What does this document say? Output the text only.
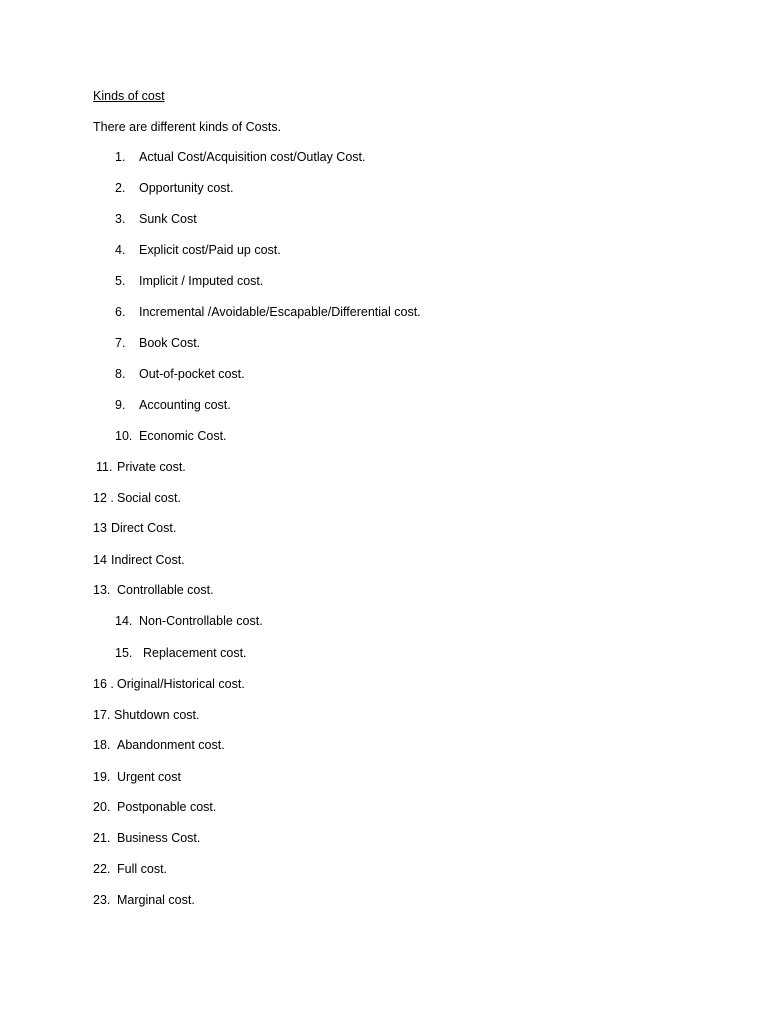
Kinds of cost
There are different kinds of Costs.
1. Actual Cost/Acquisition cost/Outlay Cost.
2. Opportunity cost.
3. Sunk Cost
4. Explicit cost/Paid up cost.
5. Implicit / Imputed cost.
6. Incremental /Avoidable/Escapable/Differential cost.
7. Book Cost.
8. Out-of-pocket cost.
9. Accounting cost.
10. Economic Cost.
11. Private cost.
12 . Social cost.
13 Direct Cost.
14 Indirect Cost.
13. Controllable cost.
14. Non-Controllable cost.
15. Replacement cost.
16 . Original/Historical cost.
17. Shutdown cost.
18. Abandonment cost.
19. Urgent cost
20. Postponable cost.
21. Business Cost.
22. Full cost.
23. Marginal cost.
